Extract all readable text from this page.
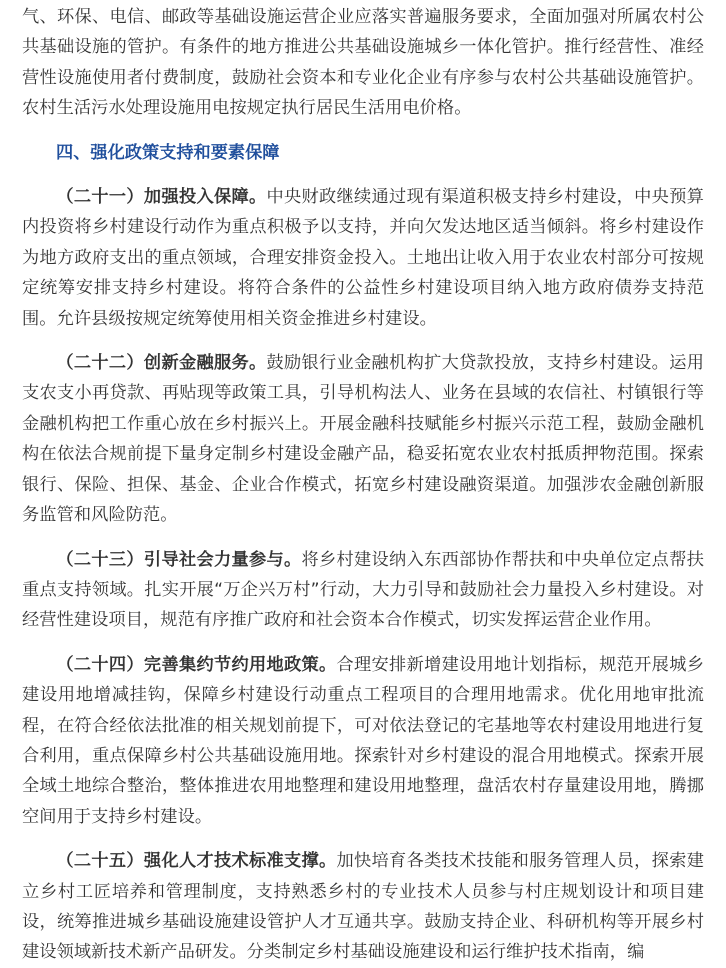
气、环保、电信、邮政等基础设施运营企业应落实普遍服务要求，全面加强对所属农村公共基础设施的管护。有条件的地方推进公共基础设施城乡一体化管护。推行经营性、准经营性设施使用者付费制度，鼓励社会资本和专业化企业有序参与农村公共基础设施管护。农村生活污水处理设施用电按规定执行居民生活用电价格。

四、强化政策支持和要素保障

（二十一）加强投入保障。中央财政继续通过现有渠道积极支持乡村建设，中央预算内投资将乡村建设行动作为重点积极予以支持，并向欠发达地区适当倾斜。将乡村建设作为地方政府支出的重点领域，合理安排资金投入。土地出让收入用于农业农村部分可按规定统筹安排支持乡村建设。将符合条件的公益性乡村建设项目纳入地方政府债券支持范围。允许县级按规定统筹使用相关资金推进乡村建设。

（二十二）创新金融服务。鼓励银行业金融机构扩大贷款投放，支持乡村建设。运用支农支小再贷款、再贴现等政策工具，引导机构法人、业务在县域的农信社、村镇银行等金融机构把工作重心放在乡村振兴上。开展金融科技赋能乡村振兴示范工程，鼓励金融机构在依法合规前提下量身定制乡村建设金融产品，稳妥拓宽农业农村抵质押物范围。探索银行、保险、担保、基金、企业合作模式，拓宽乡村建设融资渠道。加强涉农金融创新服务监管和风险防范。

（二十三）引导社会力量参与。将乡村建设纳入东西部协作帮扶和中央单位定点帮扶重点支持领域。扎实开展“万企兴万村”行动，大力引导和鼓励社会力量投入乡村建设。对经营性建设项目，规范有序推广政府和社会资本合作模式，切实发挥运营企业作用。

（二十四）完善集约节约用地政策。合理安排新增建设用地计划指标，规范开展城乡建设用地增减挂钩，保障乡村建设行动重点工程项目的合理用地需求。优化用地审批流程，在符合经依法批准的相关规划前提下，可对依法登记的宅基地等农村建设用地进行复合利用，重点保障乡村公共基础设施用地。探索针对乡村建设的混合用地模式。探索开展全域土地综合整治，整体推进农用地整理和建设用地整理，盘活农村存量建设用地，腾挪空间用于支持乡村建设。

（二十五）强化人才技术标准支撑。加快培育各类技术技能和服务管理人员，探索建立乡村工匠培养和管理制度，支持熟悉乡村的专业技术人员参与村庄规划设计和项目建设，统筹推进城乡基础设施建设管护人才互通共享。鼓励支持企业、科研机构等开展乡村建设领域新技术新产品研发。分类制定乡村基础设施建设和运行维护技术指南，编
